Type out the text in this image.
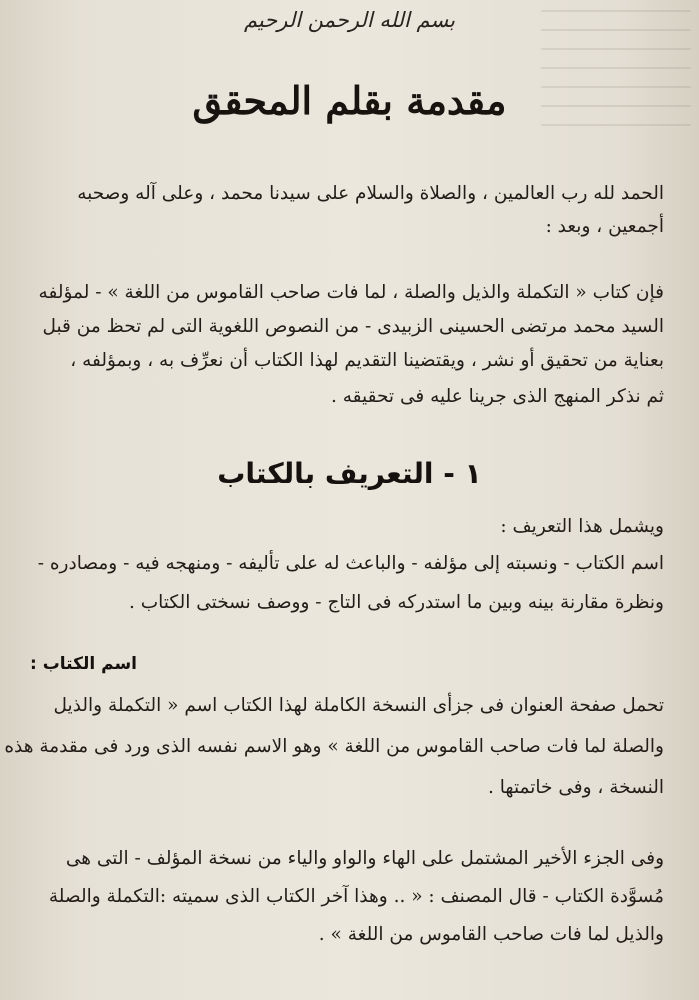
بسم الله الرحمن الرحيم
مقدمة بقلم المحقق
الحمد لله رب العالمين ، والصلاة والسلام على سيدنا محمد ، وعلى آله وصحبه
أجمعين ، وبعد :
فإن كتاب « التكملة والذيل والصلة ، لما فات صاحب القاموس من اللغة » - لمؤلفه
السيد محمد مرتضى الحسينى الزبيدى - من النصوص اللغوية التى لم تحظ من قبل
بعناية من تحقيق أو نشر ، ويقتضينا التقديم لهذا الكتاب أن نعرِّف به ، وبمؤلفه ،
ثم نذكر المنهج الذى جرينا عليه فى تحقيقه .
١ - التعريف بالكتاب
ويشمل هذا التعريف :
اسم الكتاب - ونسبته إلى مؤلفه - والباعث له على تأليفه - ومنهجه فيه - ومصادره -
ونظرة مقارنة بينه وبين ما استدركه فى التاج - ووصف نسختى الكتاب .
اسم الكتاب :
تحمل صفحة العنوان فى جزأى النسخة الكاملة لهذا الكتاب اسم « التكملة والذيل
والصلة لما فات صاحب القاموس من اللغة » وهو الاسم نفسه الذى ورد فى مقدمة هذه
النسخة ، وفى خاتمتها .
وفى الجزء الأخير المشتمل على الهاء والواو والياء من نسخة المؤلف - التى هى
مُسوَّدة الكتاب - قال المصنف : « .. وهذا آخر الكتاب الذى سميته :التكملة والصلة
والذيل لما فات صاحب القاموس من اللغة » .
